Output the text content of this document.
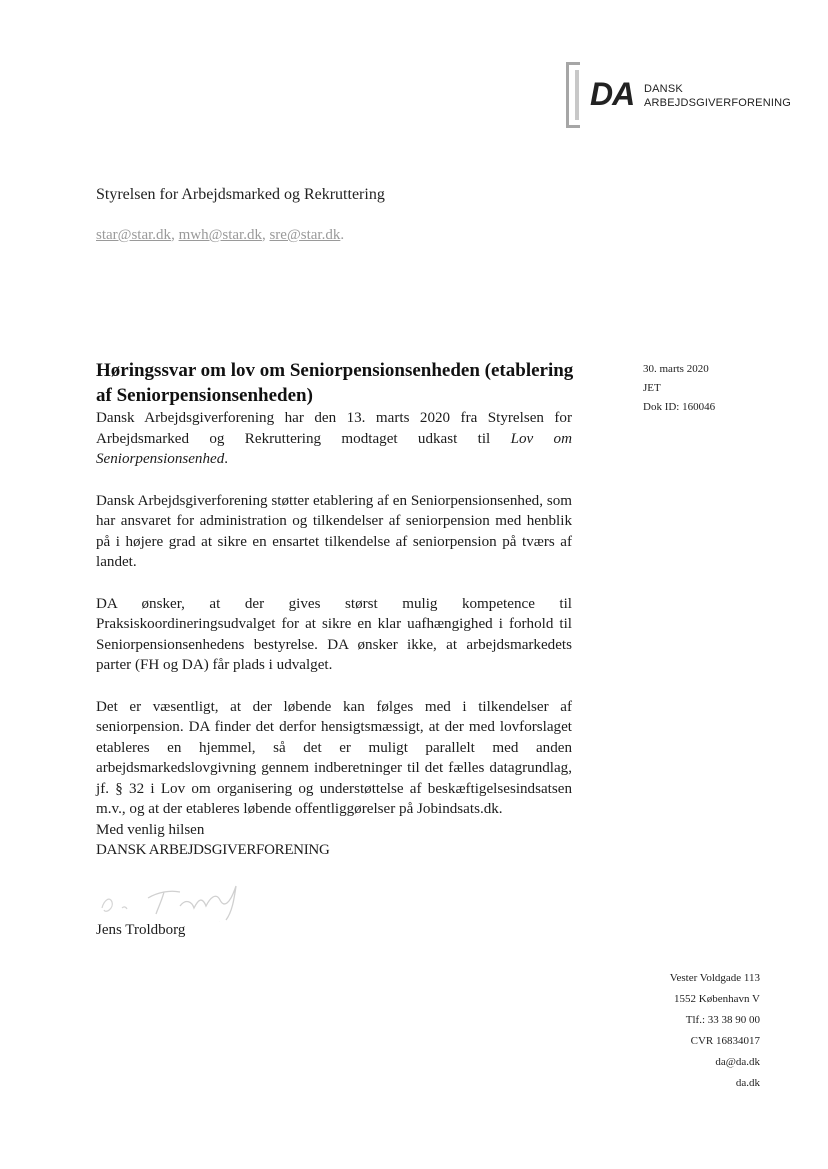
DA DANSK
ARBEJDSGIVERFORENING
Styrelsen for Arbejdsmarked og Rekruttering
star@star.dk, mwh@star.dk, sre@star.dk.
Høringssvar om lov om Seniorpensionsenheden (etablering af Seniorpensionsenheden)
30. marts 2020
JET
Dok ID: 160046

Dansk Arbejdsgiverforening har den 13. marts 2020 fra Styrelsen for Arbejdsmarked og Rekruttering modtaget udkast til Lov om Seniorpensionsenhed.

Dansk Arbejdsgiverforening støtter etablering af en Seniorpensionsenhed, som har ansvaret for administration og tilkendelser af seniorpension med henblik på i højere grad at sikre en ensartet tilkendelse af seniorpension på tværs af landet.

DA ønsker, at der gives størst mulig kompetence til Praksiskoordineringsudvalget for at sikre en klar uafhængighed i forhold til Seniorpensionsenhedens bestyrelse. DA ønsker ikke, at arbejdsmarkedets parter (FH og DA) får plads i udvalget.

Det er væsentligt, at der løbende kan følges med i tilkendelser af seniorpension. DA finder det derfor hensigtsmæssigt, at der med lovforslaget etableres en hjemmel, så det er muligt parallelt med anden arbejdsmarkedslovgivning gennem indberetninger til det fælles datagrundlag, jf. § 32 i Lov om organisering og understøttelse af beskæftigelsesindsatsen m.v., og at der etableres løbende offentliggørelser på Jobindsats.dk.

Med venlig hilsen
DANSK ARBEJDSGIVERFORENING
Jens Troldborg
Vester Voldgade 113
1552 København V
Tlf.: 33 38 90 00
CVR 16834017
da@da.dk
da.dk
